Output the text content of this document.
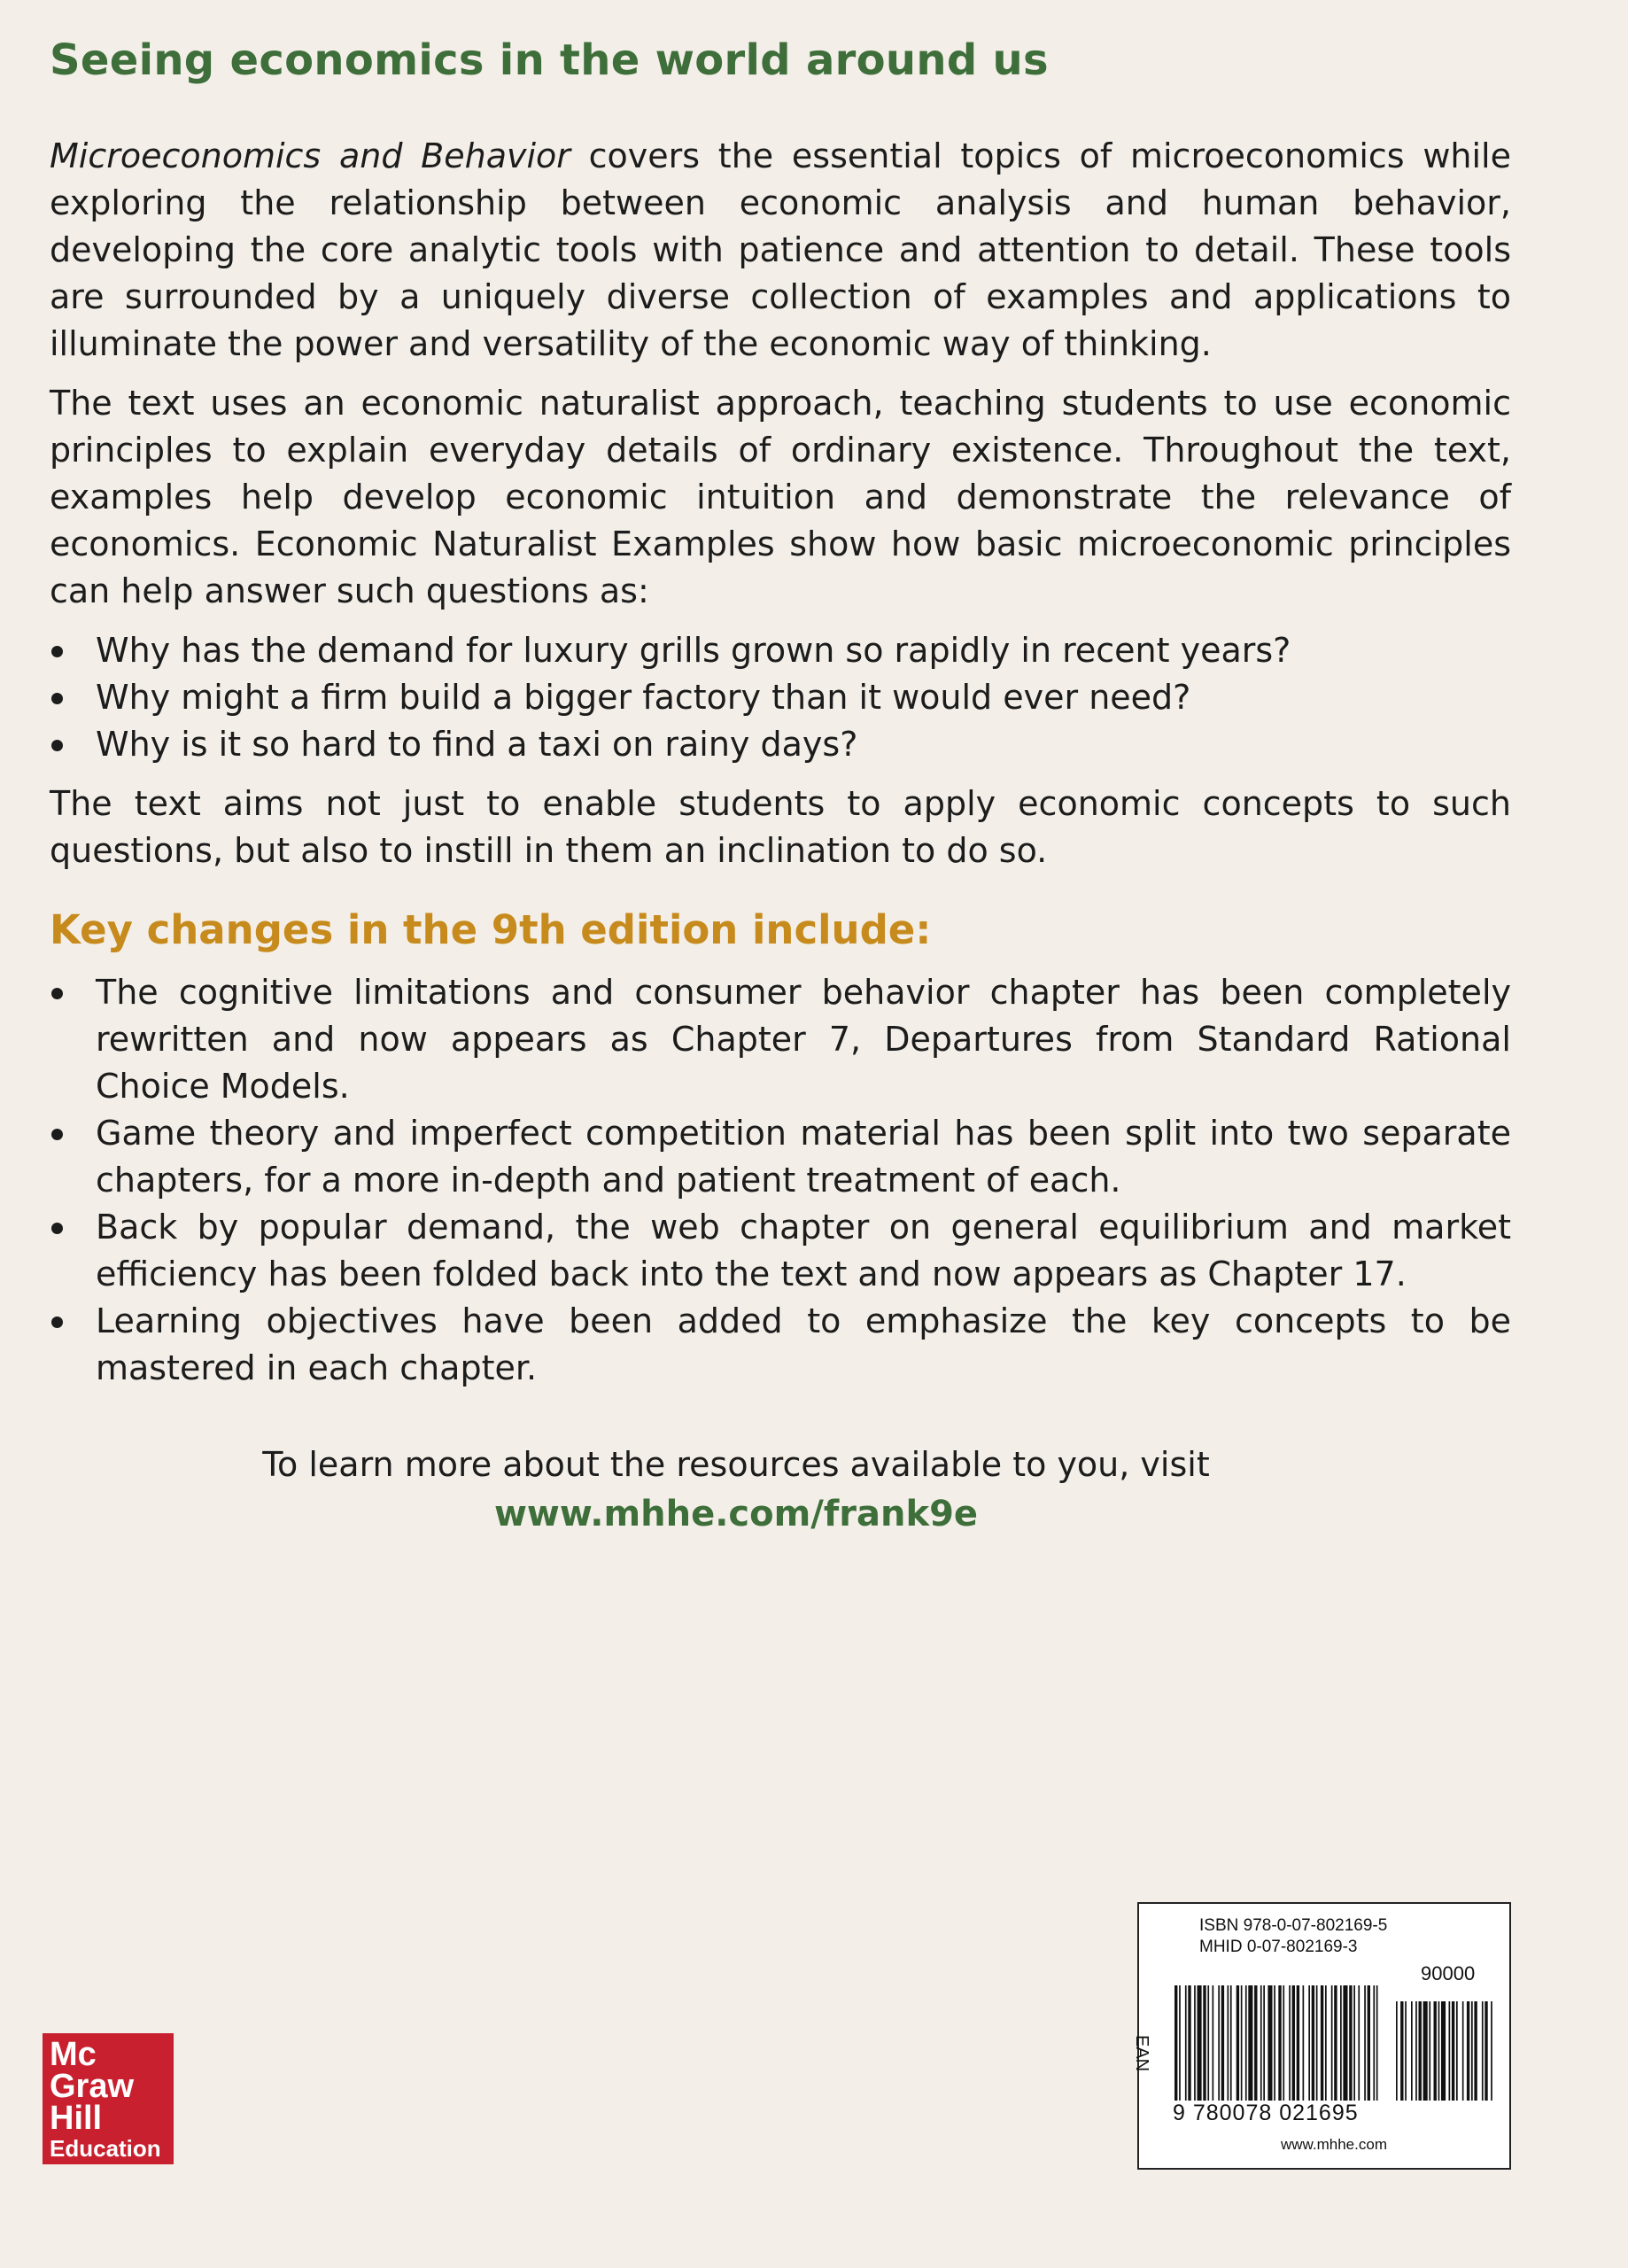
Seeing economics in the world around us

Microeconomics and Behavior covers the essential topics of microeconomics while exploring the relationship between economic analysis and human behavior, developing the core analytic tools with patience and attention to detail. These tools are surrounded by a uniquely diverse collection of examples and applications to illuminate the power and versatility of the economic way of thinking.

The text uses an economic naturalist approach, teaching students to use economic principles to explain everyday details of ordinary existence. Throughout the text, examples help develop economic intuition and demonstrate the relevance of economics. Economic Naturalist Examples show how basic microeconomic principles can help answer such questions as:

Why has the demand for luxury grills grown so rapidly in recent years?
Why might a firm build a bigger factory than it would ever need?
Why is it so hard to find a taxi on rainy days?

The text aims not just to enable students to apply economic concepts to such questions, but also to instill in them an inclination to do so.

Key changes in the 9th edition include:
The cognitive limitations and consumer behavior chapter has been completely rewritten and now appears as Chapter 7, Departures from Standard Rational Choice Models.
Game theory and imperfect competition material has been split into two separate chapters, for a more in-depth and patient treatment of each.
Back by popular demand, the web chapter on general equilibrium and market efficiency has been folded back into the text and now appears as Chapter 17.
Learning objectives have been added to emphasize the key concepts to be mastered in each chapter.
To learn more about the resources available to you, visit
www.mhhe.com/frank9e
Mc
Graw
Hill
Education
ISBN 978-0-07-802169-5
MHID 0-07-802169-3
90000
EAN
9 780078 021695
www.mhhe.com
